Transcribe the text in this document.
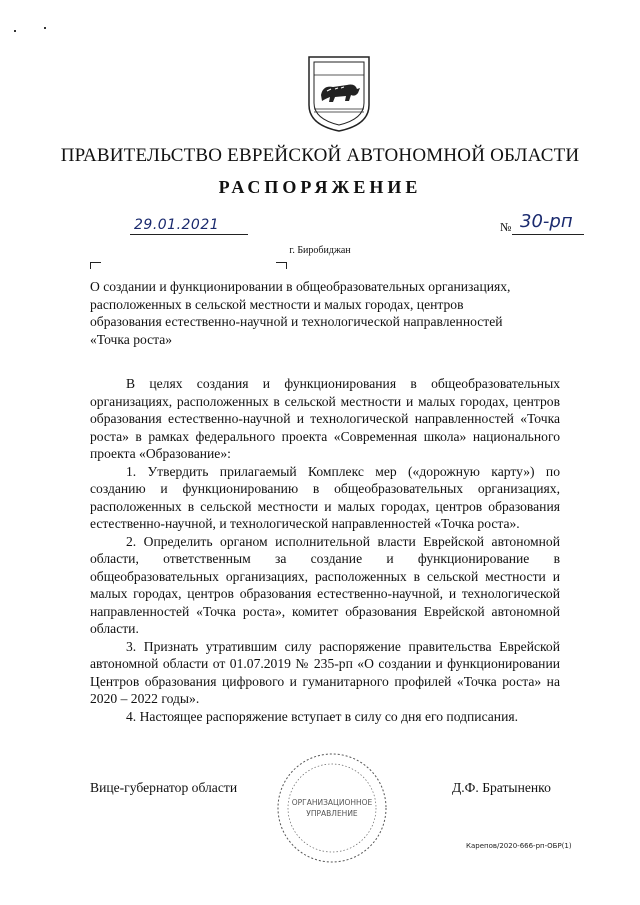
ПРАВИТЕЛЬСТВО ЕВРЕЙСКОЙ АВТОНОМНОЙ ОБЛАСТИ
РАСПОРЯЖЕНИЕ
29.01.2021	№ 30-рп
г. Биробиджан

О создании и функционировании в общеобразовательных организациях,

расположенных в сельской местности и малых городах, центров

образования естественно-научной и технологической направленностей

«Точка роста»

В целях создания и функционирования в общеобразовательных организациях, расположенных в сельской местности и малых городах, центров образования естественно-научной и технологической направленностей «Точка роста» в рамках федерального проекта «Современная школа» национального проекта «Образование»:

1. Утвердить прилагаемый Комплекс мер («дорожную карту») по созданию и функционированию в общеобразовательных организациях, расположенных в сельской местности и малых городах, центров образования естественно-научной, и технологической направленностей «Точка роста».

2. Определить органом исполнительной власти Еврейской автономной области, ответственным за создание и функционирование в общеобразовательных организациях, расположенных в сельской местности и малых городах, центров образования естественно-научной, и технологической направленностей «Точка роста», комитет образования Еврейской автономной области.

3. Признать утратившим силу распоряжение правительства Еврейской автономной области от 01.07.2019 № 235-рп «О создании и функционировании Центров образования цифрового и гуманитарного профилей «Точка роста» на 2020 – 2022 годы».

4. Настоящее распоряжение вступает в силу со дня его подписания.

Вице-губернатор области
ОРГАНИЗАЦИОННОЕ
УПРАВЛЕНИЕ
Д.Ф. Братыненко
Карепов/2020-666-рп-ОБР(1)
